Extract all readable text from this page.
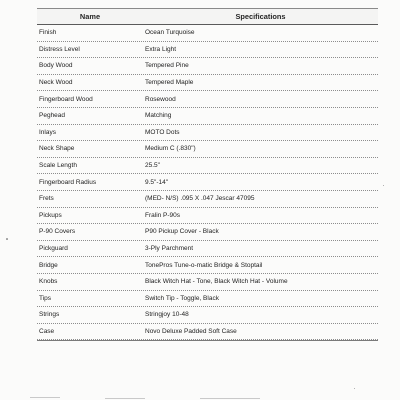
Name	Specifications
Finish	Ocean Turquoise
Distress Level	Extra Light
Body Wood	Tempered Pine
Neck Wood	Tempered Maple
Fingerboard Wood	Rosewood
Peghead	Matching
Inlays	MOTO Dots
Neck Shape	Medium C (.830")
Scale Length	25.5"
Fingerboard Radius	9.5"-14"
Frets	(MED- N/S) .095 X .047 Jescar 47095
Pickups	Fralin P-90s
P-90 Covers	P90 Pickup Cover - Black
Pickguard	3-Ply Parchment
Bridge	TonePros Tune-o-matic Bridge & Stoptail
Knobs	Black Witch Hat - Tone, Black Witch Hat - Volume
Tips	Switch Tip - Toggle, Black
Strings	Stringjoy 10-48
Case	Novo Deluxe Padded Soft Case
